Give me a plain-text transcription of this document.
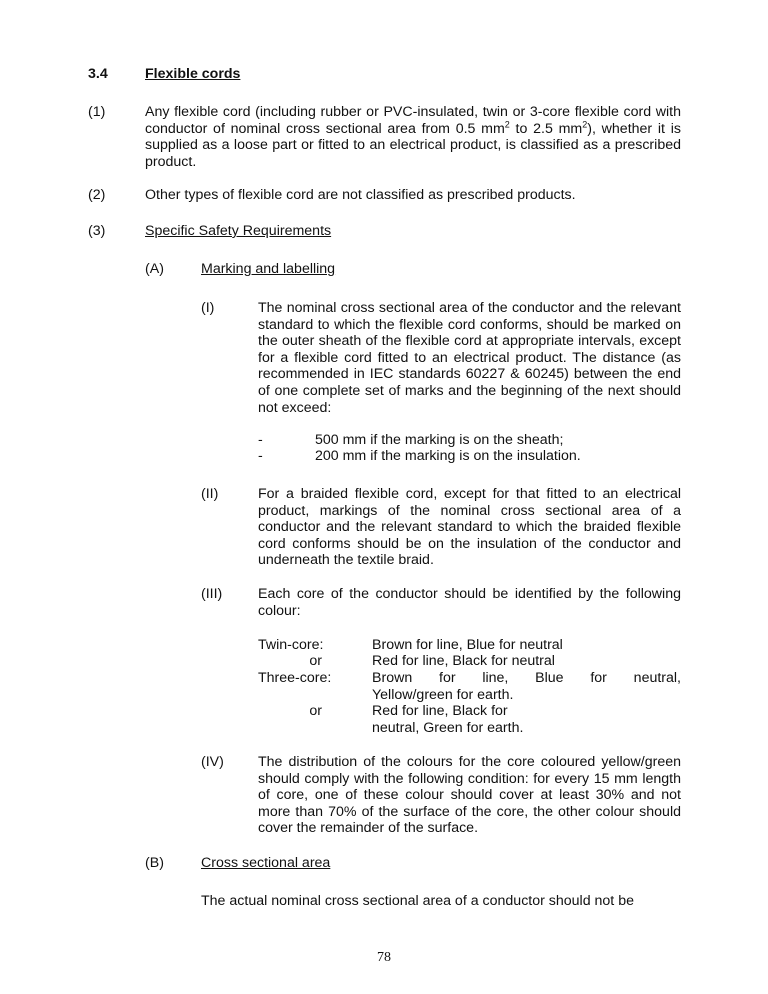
3.4	Flexible cords
(1)	Any flexible cord (including rubber or PVC-insulated, twin or 3-core flexible cord with conductor of nominal cross sectional area from 0.5 $mm^2$ to 2.5 $mm^2$), whether it is supplied as a loose part or fitted to an electrical product, is classified as a prescribed product.
(2)	Other types of flexible cord are not classified as prescribed products.
(3)	Specific Safety Requirements
(A)	Marking and labelling
(I)	The nominal cross sectional area of the conductor and the relevant standard to which the flexible cord conforms, should be marked on the outer sheath of the flexible cord at appropriate intervals, except for a flexible cord fitted to an electrical product. The distance (as recommended in IEC standards 60227 & 60245) between the end of one complete set of marks and the beginning of the next should not exceed:
-	500 mm if the marking is on the sheath;
-	200 mm if the marking is on the insulation.
(II)	For a braided flexible cord, except for that fitted to an electrical product, markings of the nominal cross sectional area of a conductor and the relevant standard to which the braided flexible cord conforms should be on the insulation of the conductor and underneath the textile braid.
(III)	Each core of the conductor should be identified by the following colour:
Twin-core:	Brown for line, Blue for neutral
or	Red for line, Black for neutral
Three-core:	Brown for line, Blue for neutral,
Yellow/green for earth.
or	Red for line, Black for neutral, Green for earth.
(IV) The distribution of the colours for the core coloured yellow/green should comply with the following condition: for every 15 mm length of core, one of these colour should cover at least 30% and not more than 70% of the surface of the core, the other colour should cover the remainder of the surface.
(B)	Cross sectional area
The actual nominal cross sectional area of a conductor should not be
78
